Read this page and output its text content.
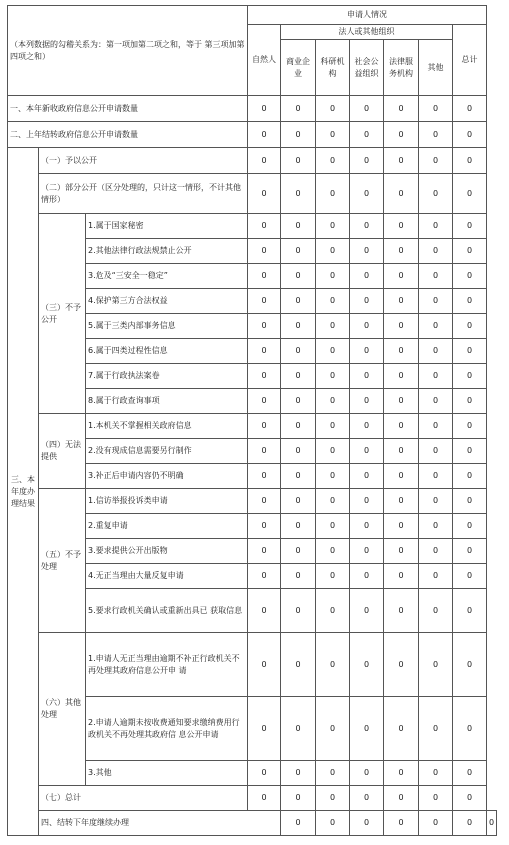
（本列数据的勾稽关系为：第一项加第二项之和，等于 第三项加第四项之和）			申请人情况							
			自然人	法人或其他组织					总计	
				商业企业	科研机构	社会公益组织	法律服务机构	其他		
一、本年新收政府信息公开申请数量			0	0	0	0	0	0	0	
二、上年结转政府信息公开申请数量			0	0	0	0	0	0	0	
三、本年度办理结果	（一）予以公开		0	0	0	0	0	0	0	
	（二）部分公开（区分处理的，只计这一情形，不计其他情形）		0	0	0	0	0	0	0	
	（三）不予公开	1.属于国家秘密	0	0	0	0	0	0	0	
		2.其他法律行政法规禁止公开	0	0	0	0	0	0	0	
		3.危及“三安全一稳定”	0	0	0	0	0	0	0	
		4.保护第三方合法权益	0	0	0	0	0	0	0	
		5.属于三类内部事务信息	0	0	0	0	0	0	0	
		6.属于四类过程性信息	0	0	0	0	0	0	0	
		7.属于行政执法案卷	0	0	0	0	0	0	0	
		8.属于行政查询事项	0	0	0	0	0	0	0	
	（四）无法提供	1.本机关不掌握相关政府信息	0	0	0	0	0	0	0	
		2.没有现成信息需要另行制作	0	0	0	0	0	0	0	
		3.补正后申请内容仍不明确	0	0	0	0	0	0	0	
	（五）不予处理	1.信访举报投诉类申请	0	0	0	0	0	0	0	
		2.重复申请	0	0	0	0	0	0	0	
		3.要求提供公开出版物	0	0	0	0	0	0	0	
		4.无正当理由大量反复申请	0	0	0	0	0	0	0	
		5.要求行政机关确认或重新出具已 获取信息	0	0	0	0	0	0	0	
	（六）其他处理	1.申请人无正当理由逾期不补正行政机关不再处理其政府信息公开申 请	0	0	0	0	0	0	0	
		2.申请人逾期未按收费通知要求缴纳费用行政机关不再处理其政府信 息公开申请	0	0	0	0	0	0	0	
		3.其他	0	0	0	0	0	0	0	
	（七）总计		0	0	0	0	0	0	0	
	四、结转下年度继续办理			0	0	0	0	0	0	0
